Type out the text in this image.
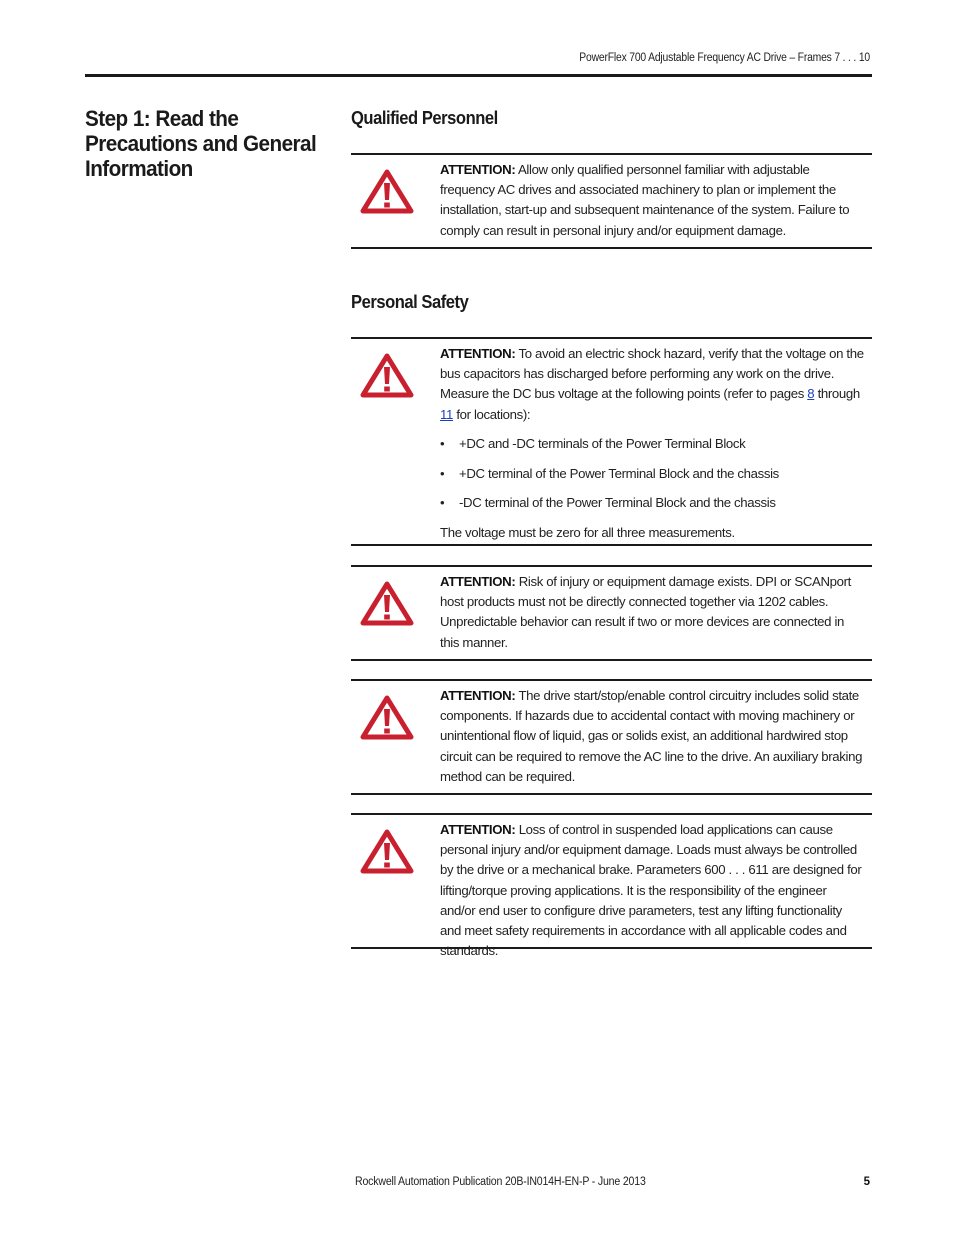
PowerFlex 700 Adjustable Frequency AC Drive – Frames 7 . . . 10
Step 1: Read the Precautions and General Information
Qualified Personnel

ATTENTION: Allow only qualified personnel familiar with adjustable frequency AC drives and associated machinery to plan or implement the installation, start-up and subsequent maintenance of the system. Failure to comply can result in personal injury and/or equipment damage.

Personal Safety

ATTENTION: To avoid an electric shock hazard, verify that the voltage on the bus capacitors has discharged before performing any work on the drive. Measure the DC bus voltage at the following points (refer to pages 8 through 11 for locations):

• +DC and -DC terminals of the Power Terminal Block
• +DC terminal of the Power Terminal Block and the chassis
• -DC terminal of the Power Terminal Block and the chassis

The voltage must be zero for all three measurements.

ATTENTION: Risk of injury or equipment damage exists. DPI or SCANport host products must not be directly connected together via 1202 cables. Unpredictable behavior can result if two or more devices are connected in this manner.

ATTENTION: The drive start/stop/enable control circuitry includes solid state components. If hazards due to accidental contact with moving machinery or unintentional flow of liquid, gas or solids exist, an additional hardwired stop circuit can be required to remove the AC line to the drive. An auxiliary braking method can be required.

ATTENTION: Loss of control in suspended load applications can cause personal injury and/or equipment damage. Loads must always be controlled by the drive or a mechanical brake. Parameters 600 . . . 611 are designed for lifting/torque proving applications. It is the responsibility of the engineer and/or end user to configure drive parameters, test any lifting functionality and meet safety requirements in accordance with all applicable codes and standards.

Rockwell Automation Publication 20B-IN014H-EN-P - June 2013	5
